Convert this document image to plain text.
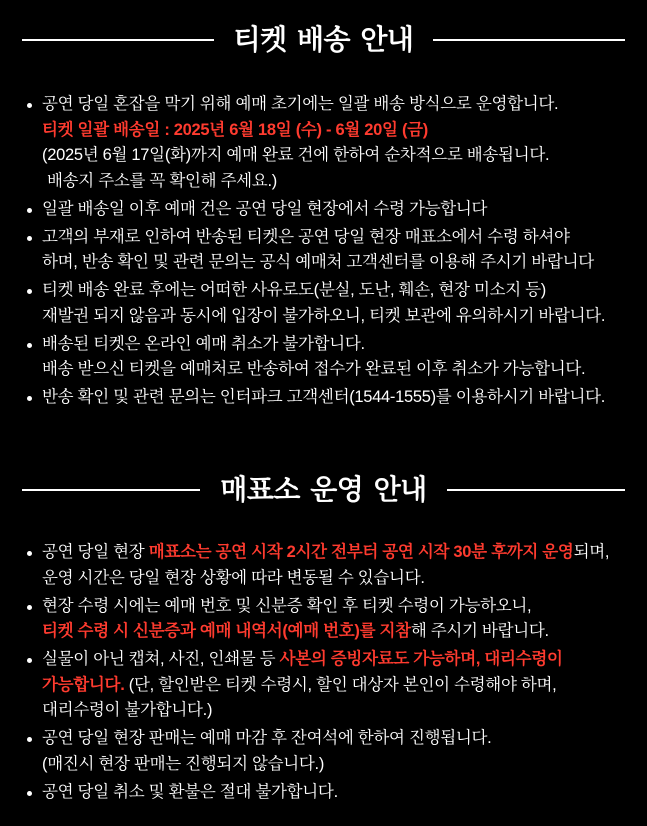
티켓 배송 안내
공연 당일 혼잡을 막기 위해 예매 초기에는 일괄 배송 방식으로 운영합니다.
티켓 일괄 배송일 : 2025년 6월 18일 (수) - 6월 20일 (금)
(2025년 6월 17일(화)까지 예매 완료 건에 한하여 순차적으로 배송됩니다.
배송지 주소를 꼭 확인해 주세요.)
일괄 배송일 이후 예매 건은 공연 당일 현장에서 수령 가능합니다
고객의 부재로 인하여 반송된 티켓은 공연 당일 현장 매표소에서 수령 하셔야
하며, 반송 확인 및 관련 문의는 공식 예매처 고객센터를 이용해 주시기 바랍니다
티켓 배송 완료 후에는 어떠한 사유로도(분실, 도난, 훼손, 현장 미소지 등)
재발권 되지 않음과 동시에 입장이 불가하오니, 티켓 보관에 유의하시기 바랍니다.
배송된 티켓은 온라인 예매 취소가 불가합니다.
배송 받으신 티켓을 예매처로 반송하여 접수가 완료된 이후 취소가 가능합니다.
반송 확인 및 관련 문의는 인터파크 고객센터(1544-1555)를 이용하시기 바랍니다.
매표소 운영 안내
공연 당일 현장 매표소는 공연 시작 2시간 전부터 공연 시작 30분 후까지 운영되며,
운영 시간은 당일 현장 상황에 따라 변동될 수 있습니다.
현장 수령 시에는 예매 번호 및 신분증 확인 후 티켓 수령이 가능하오니,
티켓 수령 시 신분증과 예매 내역서(예매 번호)를 지참해 주시기 바랍니다.
실물이 아닌 캡쳐, 사진, 인쇄물 등 사본의 증빙자료도 가능하며, 대리수령이
가능합니다. (단, 할인받은 티켓 수령시, 할인 대상자 본인이 수령해야 하며,
대리수령이 불가합니다.)
공연 당일 현장 판매는 예매 마감 후 잔여석에 한하여 진행됩니다.
(매진시 현장 판매는 진행되지 않습니다.)
공연 당일 취소 및 환불은 절대 불가합니다.
